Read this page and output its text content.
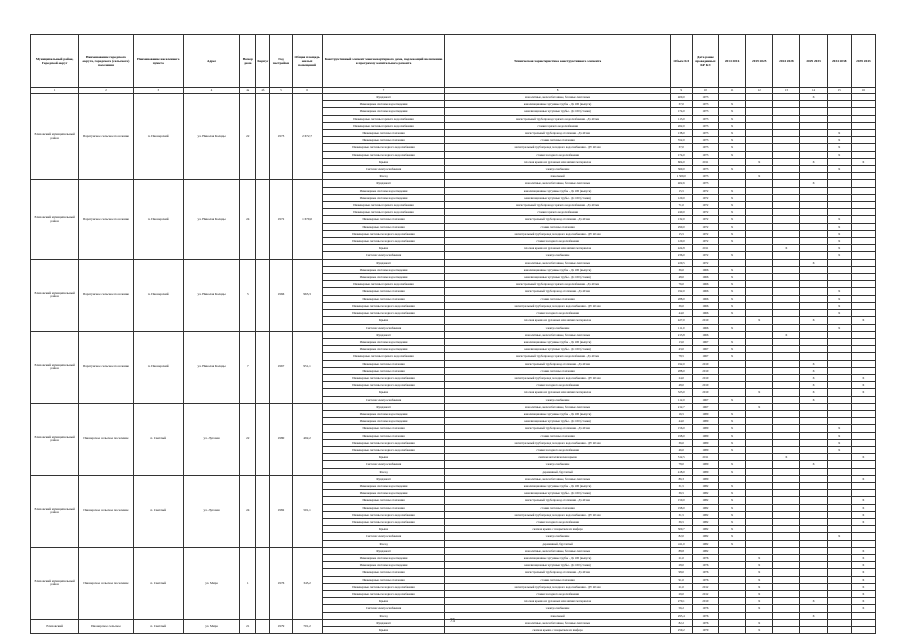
Муниципальный район, Городской округ	Наименование городского округа, городского (сельского) поселения	Наименование населенного пункта	Адрес	Номер дома	Корпус	Год постройки	Общая площадь жилых помещений	Конструктивный элемент многоквартирного дома, подлежащий включению в программу капитального ремонта	Техническая характеристика конструктивного элемента	Объем КЭ	Дата ранее проведенных КР КЭ	2014 2016	2019 2025	2024 2028	2029 2033	2034 2038	2039 2043
1	2	3	4	4а	4б	5	6	7	8	9	10	11	12	13	14	15	16
Елизовский муниципальный район	Паратунское сельское поселение	п. Пионерский	ул. Николая Коляды	22		1973	2 672,7	Фундамент	монолитные, железобетонные, блочные ленточные	400,0	1973				X		
								Инженерные системы водоотведения	канализационные чугунные трубы - Дз 100 (выпуск)	37,0	1973	X					
								Инженерные системы водоотведения	канализационные чугунные трубы - Дз 100 (стояки)	174,0	1973	X					
								Инженерные системы горячего водоснабжения	магистральный трубопровод горячего водоснабжения - Дз 40 мм	113,0	1973	X					
								Инженерные системы горячего водоснабжения	стояки горячего водоснабжения	262,0	1973	X					
								Инженерные системы отопления	магистральный трубопровод отопления - Дз 40 мм	138,0	1973	X				X	
								Инженерные системы отопления	стояки системы отопления	552,0	1973	X				X	
								Инженерные системы холодного водоснабжения	магистральный трубопровод холодного водоснабжения - ДУ 40 мм	37,0	1973	X				X	
								Инженерные системы холодного водоснабжения	стояки холодного водоснабжения	174,0	1973	X				X	
								Крыша	плоская крыша из рулонных или мягких материалов	604,0	2011		X		X		X
								Система электроснабжения	электроснабжение	360,0	1973	X				X	
								Фасад	панельный	1 509,0	1973		X				
Елизовский муниципальный район	Паратунское сельское поселение	п. Пионерский	ул. Николая Коляды	24		1972	1 679,0	Фундамент	монолитные, железобетонные, блочные ленточные	402,6	1973				X		
								Инженерные системы водоотведения	канализационные чугунные трубы - Дз 100 (выпуск)	15,5	1972	X					
								Инженерные системы водоотведения	канализационные чугунные трубы - Дз 100 (стояки)	120,0	1972	X					
								Инженерные системы горячего водоснабжения	магистральный трубопровод горячего водоснабжения - Дз 40 мм	71,0	1972	X					
								Инженерные системы горячего водоснабжения	стояки горячего водоснабжения	240,0	1972	X					
								Инженерные системы отопления	магистральный трубопровод отопления - Дз 40 мм	132,0	1972	X				X	
								Инженерные системы отопления	стояки системы отопления	290,0	1972	X				X	
								Инженерные системы холодного водоснабжения	магистральный трубопровод холодного водоснабжения - ДУ 40 мм	15,5	1972	X				X	
								Инженерные системы холодного водоснабжения	стояки холодного водоснабжения	120,0	1972	X				X	
								Крыша	плоская крыша из рулонных или мягких материалов	424,8	2011			X		X	
								Система электроснабжения	электроснабжение	236,0	1972	X				X	
Елизовский муниципальный район	Паратунское сельское поселение	п. Пионерский	ул. Николая Коляды	5		1966	963,3	Фундамент	монолитные, железобетонные, блочные ленточные	220,5	1972				X		
								Инженерные системы водоотведения	канализационные чугунные трубы - Дз 100 (выпуск)	36,0	1966	X					
								Инженерные системы водоотведения	канализационные чугунные трубы - Дз 100 (стояки)	48,0	1966	X					
								Инженерные системы горячего водоснабжения	магистральный трубопровод горячего водоснабжения - Дз 40 мм	76,0	1966	X					
								Инженерные системы отопления	магистральный трубопровод отопления - Дз 40 мм	192,0	1966	X				X	
								Инженерные системы отопления	стояки системы отопления	288,0	1966	X				X	
								Инженерные системы холодного водоснабжения	магистральный трубопровод холодного водоснабжения - ДУ 40 мм	36,0	1966	X				X	
								Инженерные системы холодного водоснабжения	стояки холодного водоснабжения	44,0	1966	X				X	
								Крыша	плоская крыша из рулонных или мягких материалов	427,0	2010		X		X		X
								Система электроснабжения	электроснабжение	111,0	1966	X				X	
Елизовский муниципальный район	Паратунское сельское поселение	п. Пионерский	ул. Николая Коляды	7		1967	951,1	Фундамент	монолитные, железобетонные, блочные ленточные	213,8	1966			X			
								Инженерные системы водоотведения	канализационные чугунные трубы - Дз 100 (выпуск)	13,0	1967	X					
								Инженерные системы водоотведения	канализационные чугунные трубы - Дз 100 (стояки)	43,0	1967	X					
								Инженерные системы горячего водоснабжения	магистральный трубопровод горячего водоснабжения - Дз 40 мм	78,5	1967	X					
								Инженерные системы отопления	магистральный трубопровод отопления - Дз 40 мм	192,0	2010				X		
								Инженерные системы отопления	стояки системы отопления	288,0	2010				X		
								Инженерные системы холодного водоснабжения	магистральный трубопровод холодного водоснабжения - ДУ 40 мм	24,0	2010				X		X
								Инженерные системы холодного водоснабжения	стояки холодного водоснабжения	48,0	2010				X		X
								Крыша	плоская крыша из рулонных или мягких материалов	323,0	2010		X		X		X
								Система электроснабжения	электроснабжение	112,0	1967	X			X		
Елизовский муниципальный район	Пионерское сельское поселение	п. Светлый	ул. Луговая	22		1980	492,2	Фундамент	монолитные, железобетонные, блочные ленточные	212,7	1967		X				
								Инженерные системы водоотведения	канализационные чугунные трубы - Дз 100 (выпуск)	16,5	1980	X					
								Инженерные системы водоотведения	канализационные чугунные трубы - Дз 100 (стояки)	44,0	1980	X					
								Инженерные системы отопления	магистральный трубопровод отопления - Дз 40 мм	156,0	1980	X				X	
								Инженерные системы отопления	стояки системы отопления	198,0	1980	X				X	
								Инженерные системы холодного водоснабжения	магистральный трубопровод холодного водоснабжения - ДУ 40 мм	36,0	1980	X				X	
								Инженерные системы холодного водоснабжения	стояки холодного водоснабжения	46,0	1980	X				X	
								Крыша	скатная металлическая крыша	312,5	2011			X			X
								Система электроснабжения	электроснабжение	78,0	1980	X			X		
								Фасад	деревянный, брусчатый	418,0	1980	X					
Елизовский муниципальный район	Пионерское сельское поселение	п. Светлый	ул. Луговая	24		1982	501,1	Фундамент	монолитные, железобетонные, блочные ленточные	86,3	1980						X
								Инженерные системы водоотведения	канализационные чугунные трубы - Дз 100 (выпуск)	31,5	1982	X					
								Инженерные системы водоотведения	канализационные чугунные трубы - Дз 100 (стояки)	36,5	1982	X					
								Инженерные системы отопления	магистральный трубопровод отопления - Дз 40 мм	150,0	1982	X					X
								Инженерные системы отопления	стояки системы отопления	198,0	1982	X					X
								Инженерные системы холодного водоснабжения	магистральный трубопровод холодного водоснабжения - ДУ 40 мм	31,5	1982	X					X
								Инженерные системы холодного водоснабжения	стояки холодного водоснабжения	36,5	1982	X					X
								Крыша	скатная крыша с покрытием из шифера	300,7	1982	X					
								Система электроснабжения	электроснабжение	82,0	1982	X				X	
								Фасад	деревянный, брусчатый	411,0	1982	X					
Елизовский муниципальный район	Пионерское сельское поселение	п. Светлый	ул. Мира	1		1976	345,2	Фундамент	монолитные, железобетонные, блочные ленточные	88,8	1982						X
								Инженерные системы водоотведения	канализационные чугунные трубы - Дз 100 (выпуск)	21,0	1976		X				X
								Инженерные системы водоотведения	канализационные чугунные трубы - Дз 100 (стояки)	28,0	1976		X				X
								Инженерные системы отопления	магистральный трубопровод отопления - Дз 40 мм	98,0	1976		X				X
								Инженерные системы отопления	стояки системы отопления	91,0	1976		X				X
								Инженерные системы холодного водоснабжения	магистральный трубопровод холодного водоснабжения - ДУ 40 мм	21,0	2012		X				X
								Инженерные системы холодного водоснабжения	стояки холодного водоснабжения	29,0	2012		X				X
								Крыша	плоская крыша из рулонных или мягких материалов	270,1	2010		X		X		X
								Система электроснабжения	электроснабжение	56,2	1976		X				X
								Фасад	панельный	295,4	1976				X		
Елизовский	Пионерское сельское	п. Светлый	ул. Мира	21		1979	701,2	Фундамент	монолитные, железобетонные, блочные ленточные	82,2	1976		X				
								Крыша	скатная крыша с покрытием из шифера	259,2	1979		X				
75
